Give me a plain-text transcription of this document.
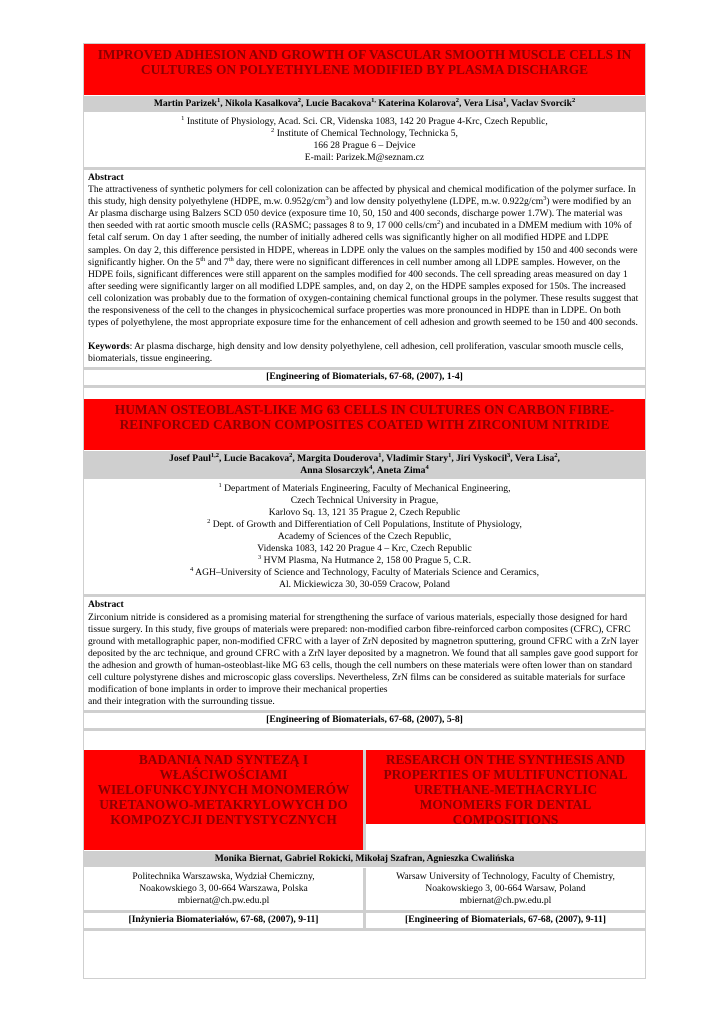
IMPROVED ADHESION AND GROWTH OF VASCULAR SMOOTH MUSCLE CELLS IN CULTURES ON POLYETHYLENE MODIFIED BY PLASMA DISCHARGE
Martin Parizek$^1$, Nikola Kasalkova$^2$, Lucie Bacakova$^{1,}$ Katerina Kolarova$^2$, Vera Lisa$^1$, Vaclav Svorcik$^2$

$^1$ Institute of Physiology, Acad. Sci. CR, Videnska 1083, 142 20 Prague 4-Krc, Czech Republic,

$^2$ Institute of Chemical Technology, Technicka 5,

166 28 Prague 6 – Dejvice

E-mail: Parizek.M@seznam.cz

Abstract

The attractiveness of synthetic polymers for cell colonization can be affected by physical and chemical modification of the polymer surface. In this study, high density polyethylene (HDPE, m.w. $0.952g/cm^3$) and low density polyethylene (LDPE, m.w. $0.922g/cm^3$) were modified by an Ar plasma discharge using Balzers SCD 050 device (exposure time 10, 50, 150 and 400 seconds, discharge power 1.7W). The material was then seeded with rat aortic smooth muscle cells (RASMC; passages 8 to 9, 17 000 cells/$cm^2$) and incubated in a DMEM medium with 10% of fetal calf serum. On day 1 after seeding, the number of initially adhered cells was significantly higher on all modified HDPE and LDPE samples. On day 2, this difference persisted in HDPE, whereas in LDPE only the values on the samples modified by 150 and 400 seconds were significantly higher. On the 5th and 7th day, there were no significant differences in cell number among all LDPE samples. However, on the HDPE foils, significant differences were still apparent on the samples modified for 400 seconds. The cell spreading areas measured on day 1 after seeding were significantly larger on all modified LDPE samples, and, on day 2, on the HDPE samples exposed for 150s. The increased cell colonization was probably due to the formation of oxygen-containing chemical functional groups in the polymer. These results suggest that the responsiveness of the cell to the changes in physicochemical surface properties was more pronounced in HDPE than in LDPE. On both types of polyethylene, the most appropriate exposure time for the enhancement of cell adhesion and growth seemed to be 150 and 400 seconds.

Keywords: Ar plasma discharge, high density and low density polyethylene, cell adhesion, cell proliferation, vascular smooth muscle cells, biomaterials, tissue engineering.

[Engineering of Biomaterials, 67-68, (2007), 1-4]
HUMAN OSTEOBLAST-LIKE MG 63 CELLS IN CULTURES ON CARBON FIBRE-REINFORCED CARBON COMPOSITES COATED WITH ZIRCONIUM NITRIDE
Josef Paul$^{1,2}$, Lucie Bacakova$^2$, Margita Douderova$^1$, Vladimir Stary$^1$, Jiri Vyskocil$^3$, Vera Lisa$^2$,
Anna Slosarczyk$^4$, Aneta Zima$^4$

$^1$ Department of Materials Engineering, Faculty of Mechanical Engineering,

Czech Technical University in Prague,

Karlovo Sq. 13, 121 35 Prague 2, Czech Republic

$^2$ Dept. of Growth and Differentiation of Cell Populations, Institute of Physiology,

Academy of Sciences of the Czech Republic,

Videnska 1083, 142 20 Prague 4 – Krc, Czech Republic

$^3$ HVM Plasma, Na Hutmance 2, 158 00 Prague 5, C.R.

$^4$ AGH–University of Science and Technology, Faculty of Materials Science and Ceramics,

Al. Mickiewicza 30, 30-059 Cracow, Poland

Abstract

Zirconium nitride is considered as a promising material for strengthening the surface of various materials, especially those designed for hard tissue surgery. In this study, five groups of materials were prepared: non-modified carbon fibre-reinforced carbon composites (CFRC), CFRC ground with metallographic paper, non-modified CFRC with a layer of ZrN deposited by magnetron sputtering, ground CFRC with a ZrN layer deposited by the arc technique, and ground CFRC with a ZrN layer deposited by a magnetron. We found that all samples gave good support for the adhesion and growth of human-osteoblast-like MG 63 cells, though the cell numbers on these materials were often lower than on standard cell culture polystyrene dishes and microscopic glass coverslips. Nevertheless, ZrN films can be considered as suitable materials for surface modification of bone implants in order to improve their mechanical properties
and their integration with the surrounding tissue.

[Engineering of Biomaterials, 67-68, (2007), 5-8]
BADANIA NAD SYNTEZĄ I WŁAŚCIWOŚCIAMI WIELOFUNKCYJNYCH MONOMERÓW URETANOWO-METAKRYLOWYCH DO KOMPOZYCJI DENTYSTYCZNYCH
RESEARCH ON THE SYNTHESIS AND PROPERTIES OF MULTIFUNCTIONAL URETHANE-METHACRYLIC MONOMERS FOR DENTAL COMPOSITIONS
Monika Biernat, Gabriel Rokicki, Mikołaj Szafran, Agnieszka Cwalińska

Politechnika Warszawska, Wydział Chemiczny,

Noakowskiego 3, 00-664 Warszawa, Polska

mbiernat@ch.pw.edu.pl

Warsaw University of Technology, Faculty of Chemistry,

Noakowskiego 3, 00-664 Warsaw, Poland

mbiernat@ch.pw.edu.pl

[Inżynieria Biomateriałów, 67-68, (2007), 9-11]	[Engineering of Biomaterials, 67-68, (2007), 9-11]
